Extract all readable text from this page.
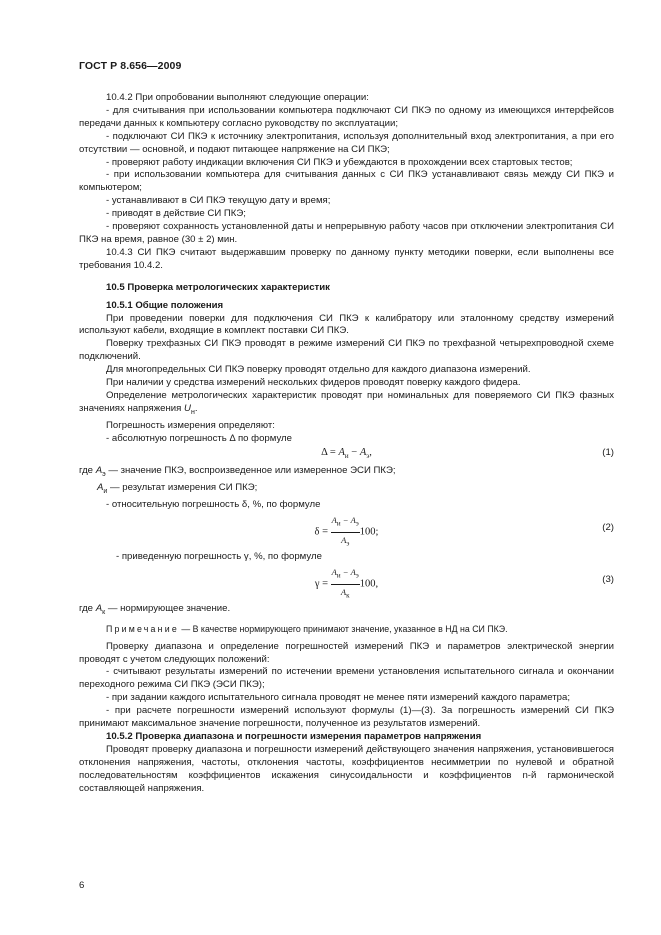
ГОСТ Р 8.656—2009

10.4.2 При опробовании выполняют следующие операции:

- для считывания при использовании компьютера подключают СИ ПКЭ по одному из имеющихся интерфейсов передачи данных к компьютеру согласно руководству по эксплуатации;

- подключают СИ ПКЭ к источнику электропитания, используя дополнительный вход электропитания, а при его отсутствии — основной, и подают питающее напряжение на СИ ПКЭ;

- проверяют работу индикации включения СИ ПКЭ и убеждаются в прохождении всех стартовых тестов;

- при использовании компьютера для считывания данных с СИ ПКЭ устанавливают связь между СИ ПКЭ и компьютером;

- устанавливают в СИ ПКЭ текущую дату и время;

- приводят в действие СИ ПКЭ;

- проверяют сохранность установленной даты и непрерывную работу часов при отключении электропитания СИ ПКЭ на время, равное (30 ± 2) мин.

10.4.3 СИ ПКЭ считают выдержавшим проверку по данному пункту методики поверки, если выполнены все требования 10.4.2.

10.5 Проверка метрологических характеристик

10.5.1 Общие положения

При проведении поверки для подключения СИ ПКЭ к калибратору или эталонному средству измерений используют кабели, входящие в комплект поставки СИ ПКЭ.

Поверку трехфазных СИ ПКЭ проводят в режиме измерений СИ ПКЭ по трехфазной четырехпроводной схеме подключений.

Для многопредельных СИ ПКЭ поверку проводят отдельно для каждого диапазона измерений.

При наличии у средства измерений нескольких фидеров проводят поверку каждого фидера.

Определение метрологических характеристик проводят при номинальных для поверяемого СИ ПКЭ фазных значениях напряжения $U_н$.

Погрешность измерения определяют:

- абсолютную погрешность Δ по формуле

$\Delta = A_и - A_э$,	(1)

где $A_э$ — значение ПКЭ, воспроизведенное или измеренное ЭСИ ПКЭ;

$A_и$ — результат измерения СИ ПКЭ;

- относительную погрешность δ, %, по формуле

$\delta = \frac{A_и - A_э}{A_э} 100$;	(2)

- приведенную погрешность γ, %, по формуле

$\gamma = \frac{A_и - A_э}{A_к} 100$,	(3)

где $A_к$ — нормирующее значение.

Примечание — В качестве нормирующего принимают значение, указанное в НД на СИ ПКЭ.

Проверку диапазона и определение погрешностей измерений ПКЭ и параметров электрической энергии проводят с учетом следующих положений:

- считывают результаты измерений по истечении времени установления испытательного сигнала и окончании переходного режима СИ ПКЭ (ЭСИ ПКЭ);

- при задании каждого испытательного сигнала проводят не менее пяти измерений каждого параметра;

- при расчете погрешности измерений используют формулы (1)—(3). За погрешность измерений СИ ПКЭ принимают максимальное значение погрешности, полученное из результатов измерений.

10.5.2 Проверка диапазона и погрешности измерения параметров напряжения

Проводят проверку диапазона и погрешности измерений действующего значения напряжения, установившегося отклонения напряжения, частоты, отклонения частоты, коэффициентов несимметрии по нулевой и обратной последовательностям коэффициентов искажения синусоидальности и коэффициентов n-й гармонической составляющей напряжения.

6
